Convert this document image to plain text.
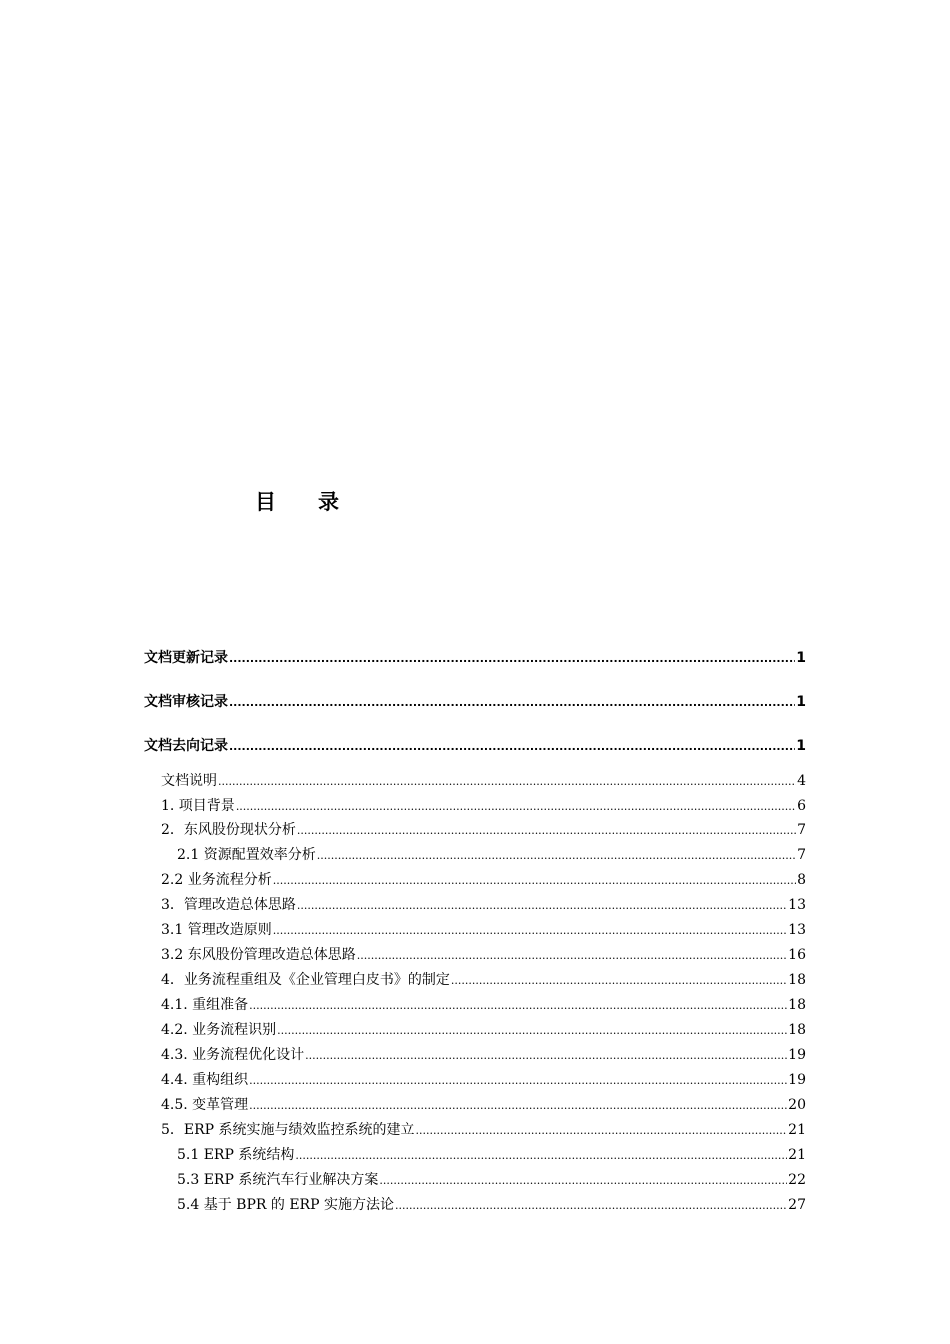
目　　录
文档更新记录 .....	1
文档审核记录 .....	1
文档去向记录 .....	1
文档说明 .....	4
1. 项目背景 .....	6
2．东风股份现状分析 .....	7
2.1 资源配置效率分析 .....	7
2.2 业务流程分析 .....	8
3．管理改造总体思路 .....	13
3.1 管理改造原则 .....	13
3.2 东风股份管理改造总体思路 .....	16
4．业务流程重组及《企业管理白皮书》的制定 .....	18
4.1. 重组准备 .....	18
4.2. 业务流程识别 .....	18
4.3. 业务流程优化设计 .....	19
4.4. 重构组织 .....	19
4.5. 变革管理 .....	20
5．ERP 系统实施与绩效监控系统的建立 .....	21
5.1 ERP 系统结构 .....	21
5.3 ERP 系统汽车行业解决方案 .....	22
5.4 基于 BPR 的 ERP 实施方法论 .....	27
